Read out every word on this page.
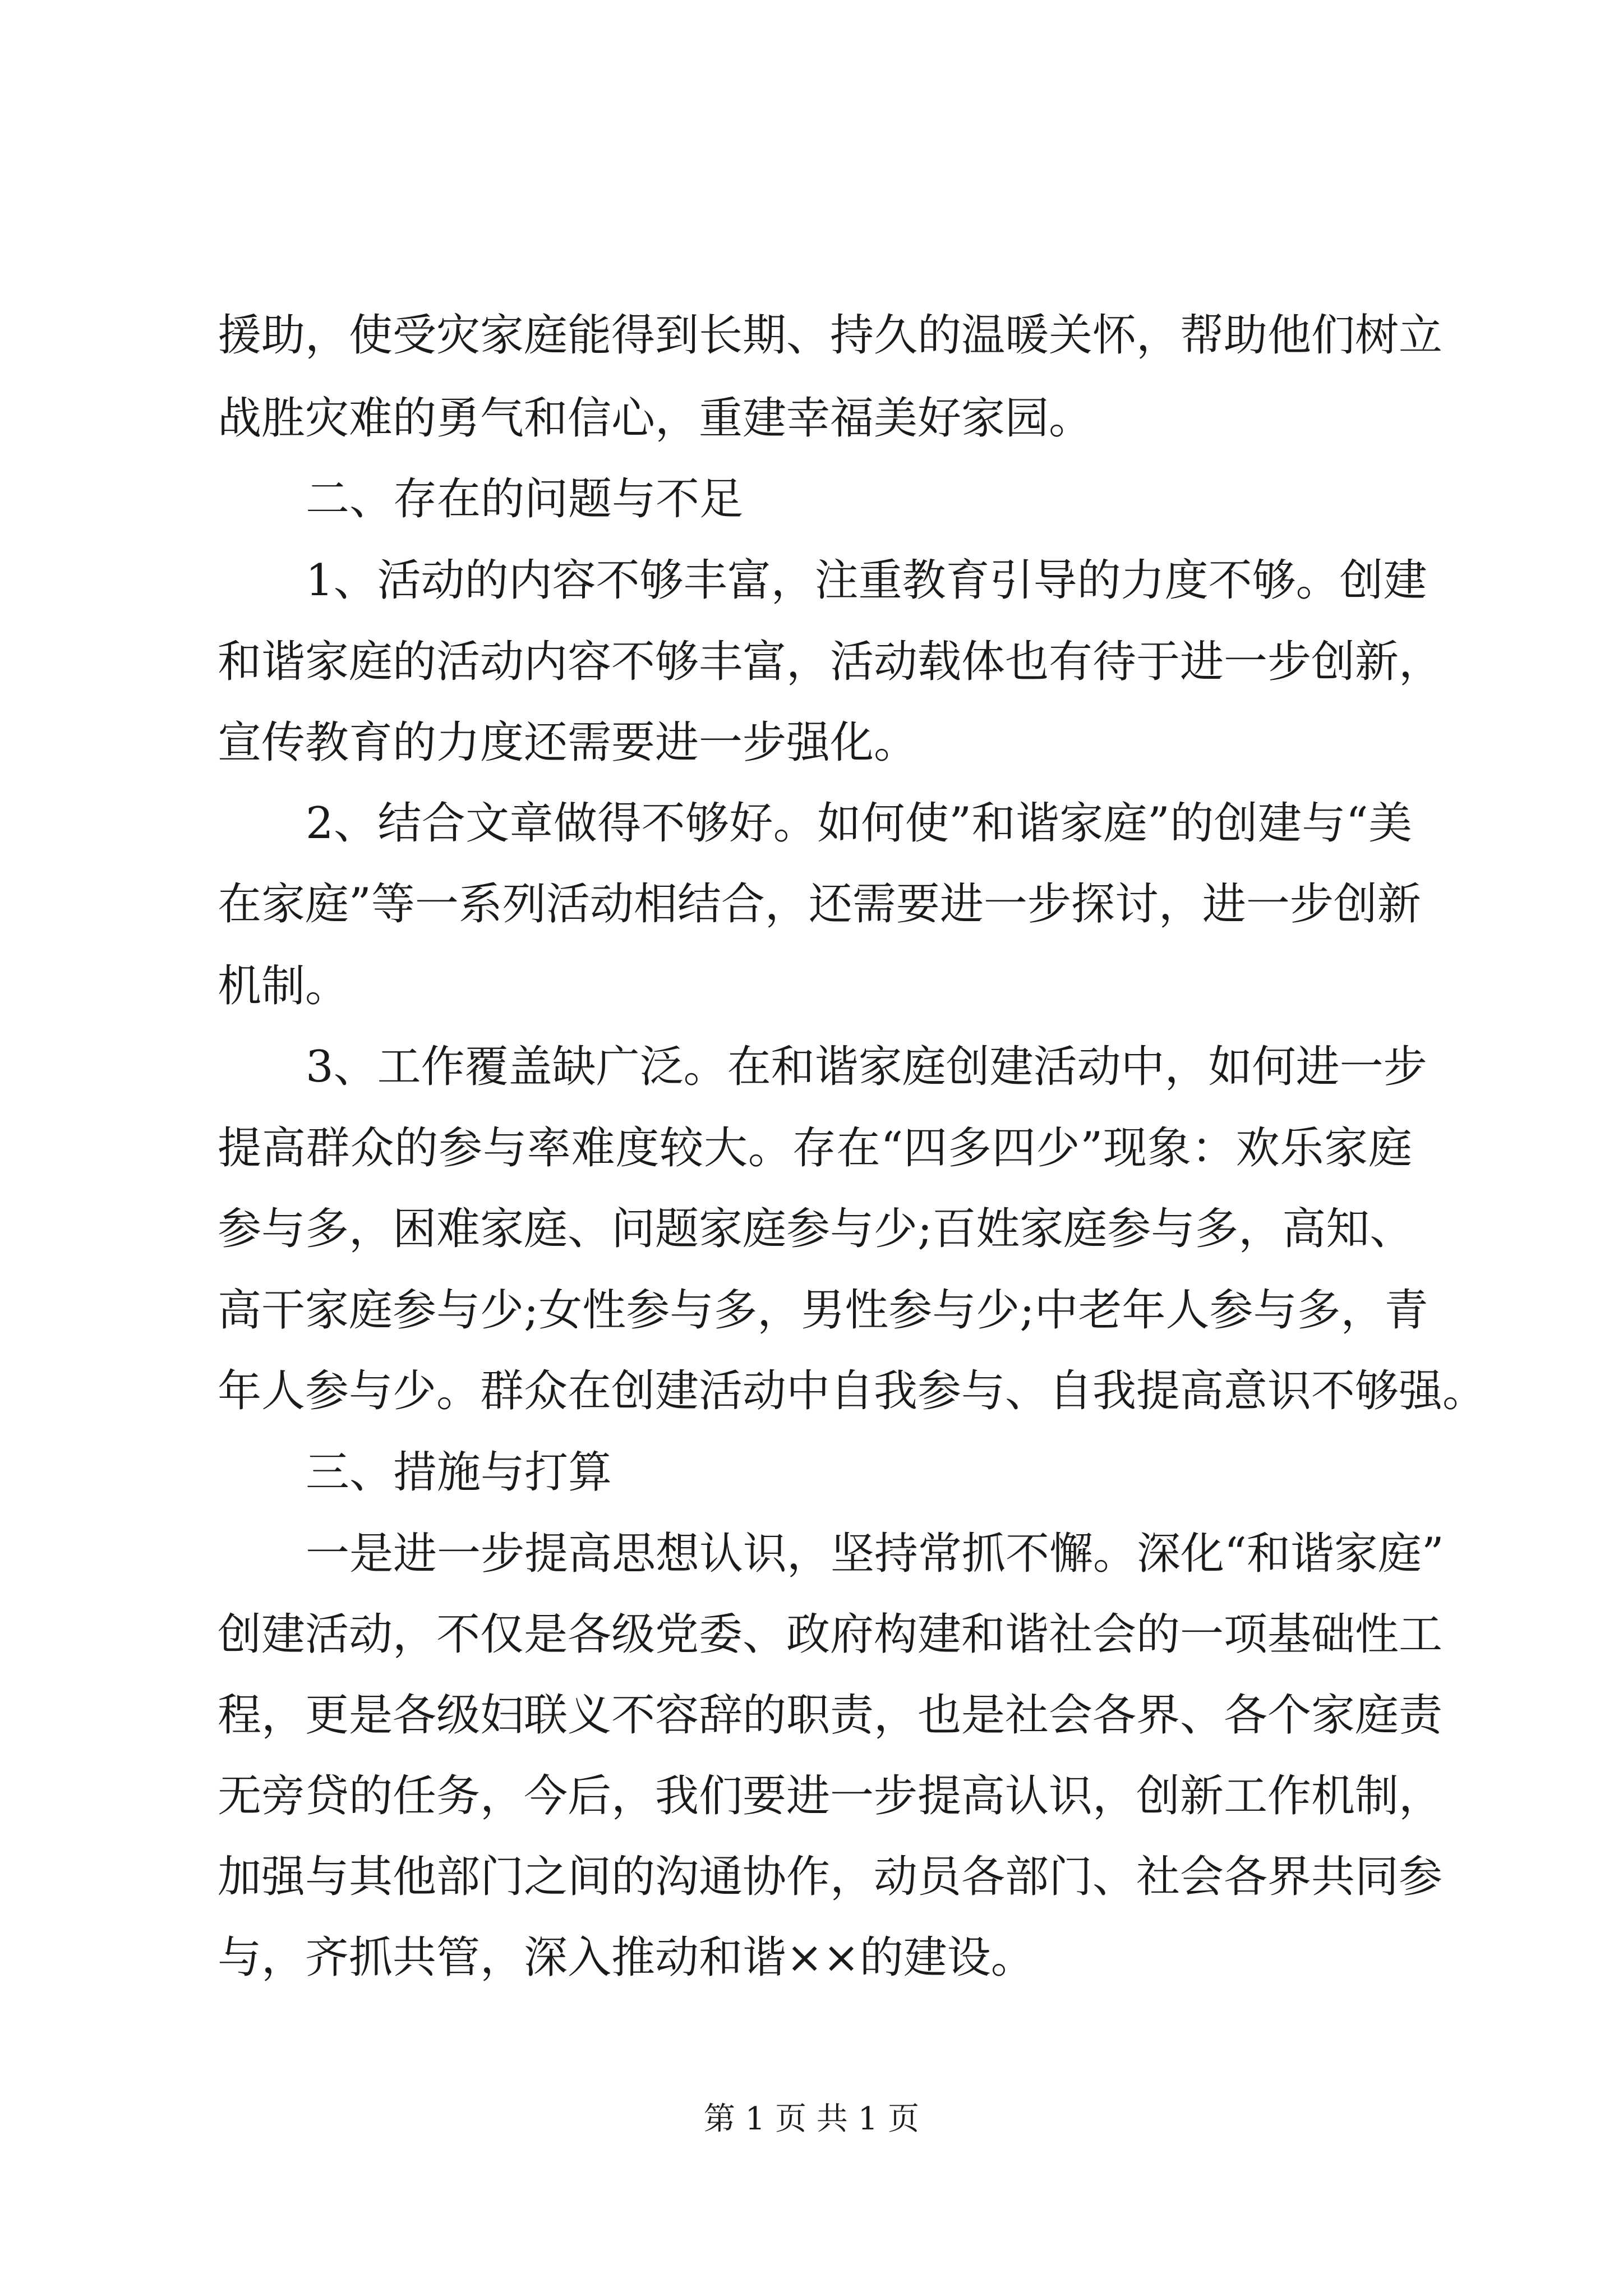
援助，使受灾家庭能得到长期、持久的温暖关怀，帮助他们树立
战胜灾难的勇气和信心，重建幸福美好家园。
二、存在的问题与不足
1、活动的内容不够丰富，注重教育引导的力度不够。创建
和谐家庭的活动内容不够丰富，活动载体也有待于进一步创新，
宣传教育的力度还需要进一步强化。
2、结合文章做得不够好。如何使”和谐家庭”的创建与“美
在家庭”等一系列活动相结合，还需要进一步探讨，进一步创新
机制。
3、工作覆盖缺广泛。在和谐家庭创建活动中，如何进一步
提高群众的参与率难度较大。存在“四多四少”现象：欢乐家庭
参与多，困难家庭、问题家庭参与少;百姓家庭参与多，高知、
高干家庭参与少;女性参与多，男性参与少;中老年人参与多，青
年人参与少。群众在创建活动中自我参与、自我提高意识不够强。
三、措施与打算
一是进一步提高思想认识，坚持常抓不懈。深化“和谐家庭”
创建活动，不仅是各级党委、政府构建和谐社会的一项基础性工
程，更是各级妇联义不容辞的职责，也是社会各界、各个家庭责
无旁贷的任务，今后，我们要进一步提高认识，创新工作机制，
加强与其他部门之间的沟通协作，动员各部门、社会各界共同参
与，齐抓共管，深入推动和谐××的建设。
第 1 页 共 1 页
